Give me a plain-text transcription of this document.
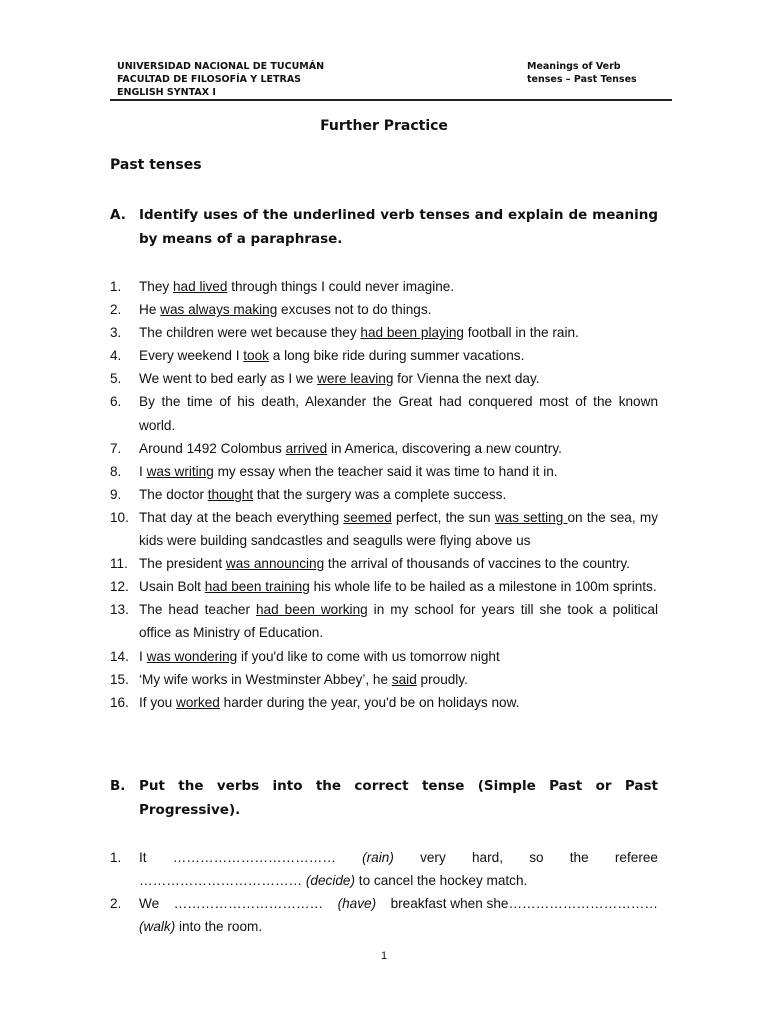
UNIVERSIDAD NACIONAL DE TUCUMÁN
FACULTAD DE FILOSOFÍA Y LETRAS
ENGLISH SYNTAX I
Meanings of Verb
tenses – Past Tenses
Further Practice
Past tenses
A. Identify uses of the underlined verb tenses and explain de meaning by means of a paraphrase.
1. They had lived through things I could never imagine.
2. He was always making excuses not to do things.
3. The children were wet because they had been playing football in the rain.
4. Every weekend I took a long bike ride during summer vacations.
5. We went to bed early as I we were leaving for Vienna the next day.
6. By the time of his death, Alexander the Great had conquered most of the known world.
7. Around 1492 Colombus arrived in America, discovering a new country.
8. I was writing my essay when the teacher said it was time to hand it in.
9. The doctor thought that the surgery was a complete success.
10. That day at the beach everything seemed perfect, the sun was setting on the sea, my kids were building sandcastles and seagulls were flying above us
11. The president was announcing the arrival of thousands of vaccines to the country.
12. Usain Bolt had been training his whole life to be hailed as a milestone in 100m sprints.
13. The head teacher had been working in my school for years till she took a political office as Ministry of Education.
14. I was wondering if you'd like to come with us tomorrow night
15. ‘My wife works in Westminster Abbey’, he said proudly.
16. If you worked harder during the year, you'd be on holidays now.
B. Put the verbs into the correct tense (Simple Past or Past Progressive).
1. It ……………………………… (rain) very hard, so the referee
……………………………… (decide) to cancel the hockey match.
2. We …………………………… (have) breakfast when she……………………………
(walk) into the room.
1
